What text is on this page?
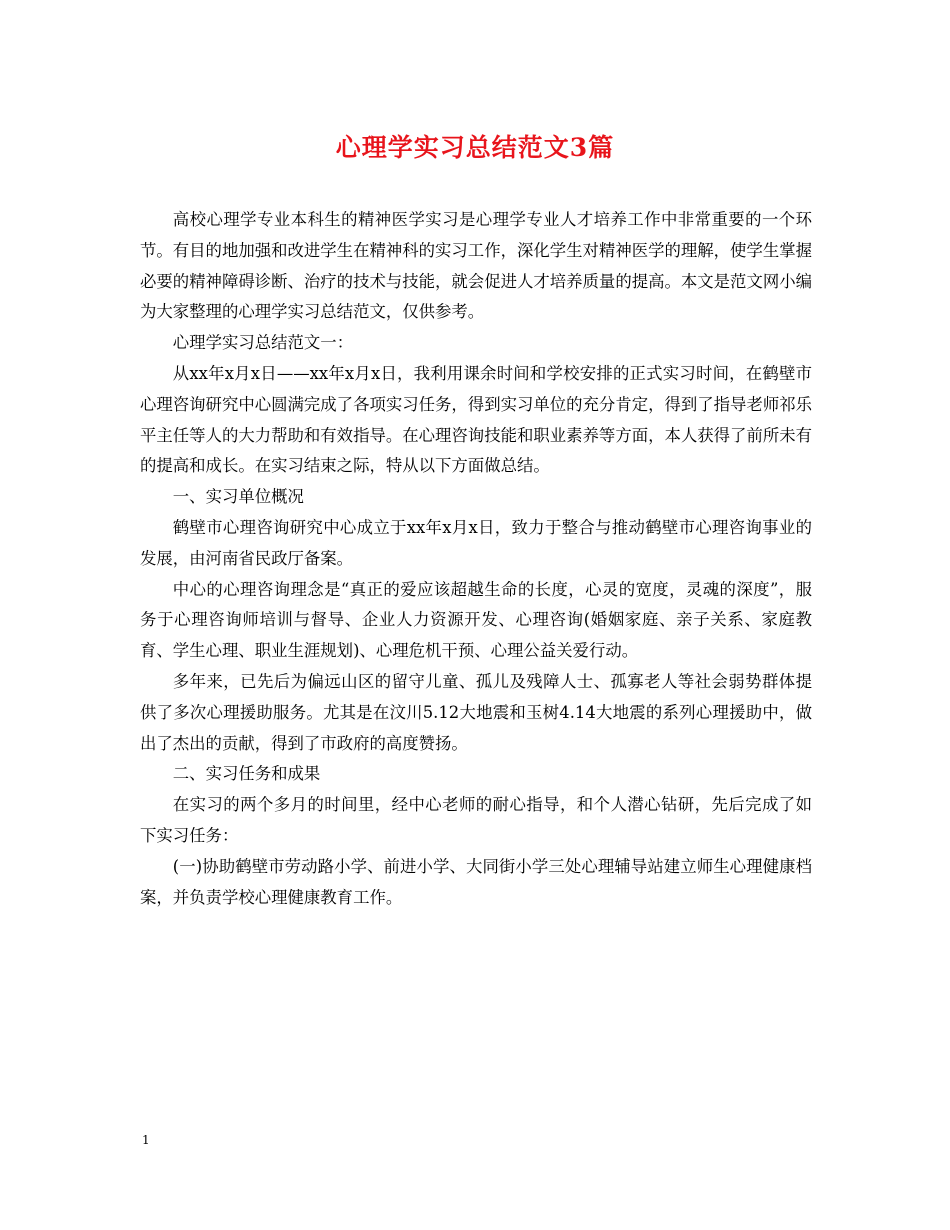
心理学实习总结范文3篇

高校心理学专业本科生的精神医学实习是心理学专业人才培养工作中非常重要的一个环节。有目的地加强和改进学生在精神科的实习工作，深化学生对精神医学的理解，使学生掌握必要的精神障碍诊断、治疗的技术与技能，就会促进人才培养质量的提高。本文是范文网小编为大家整理的心理学实习总结范文，仅供参考。

心理学实习总结范文一：

从xx年x月x日——xx年x月x日，我利用课余时间和学校安排的正式实习时间，在鹤壁市心理咨询研究中心圆满完成了各项实习任务，得到实习单位的充分肯定，得到了指导老师祁乐平主任等人的大力帮助和有效指导。在心理咨询技能和职业素养等方面，本人获得了前所未有的提高和成长。在实习结束之际，特从以下方面做总结。

一、实习单位概况

鹤壁市心理咨询研究中心成立于xx年x月x日，致力于整合与推动鹤壁市心理咨询事业的发展，由河南省民政厅备案。

中心的心理咨询理念是“真正的爱应该超越生命的长度，心灵的宽度，灵魂的深度”，服务于心理咨询师培训与督导、企业人力资源开发、心理咨询(婚姻家庭、亲子关系、家庭教育、学生心理、职业生涯规划)、心理危机干预、心理公益关爱行动。

多年来，已先后为偏远山区的留守儿童、孤儿及残障人士、孤寡老人等社会弱势群体提供了多次心理援助服务。尤其是在汶川5.12大地震和玉树4.14大地震的系列心理援助中，做出了杰出的贡献，得到了市政府的高度赞扬。

二、实习任务和成果

在实习的两个多月的时间里，经中心老师的耐心指导，和个人潜心钻研，先后完成了如下实习任务：

(一)协助鹤壁市劳动路小学、前进小学、大同街小学三处心理辅导站建立师生心理健康档案，并负责学校心理健康教育工作。

1
